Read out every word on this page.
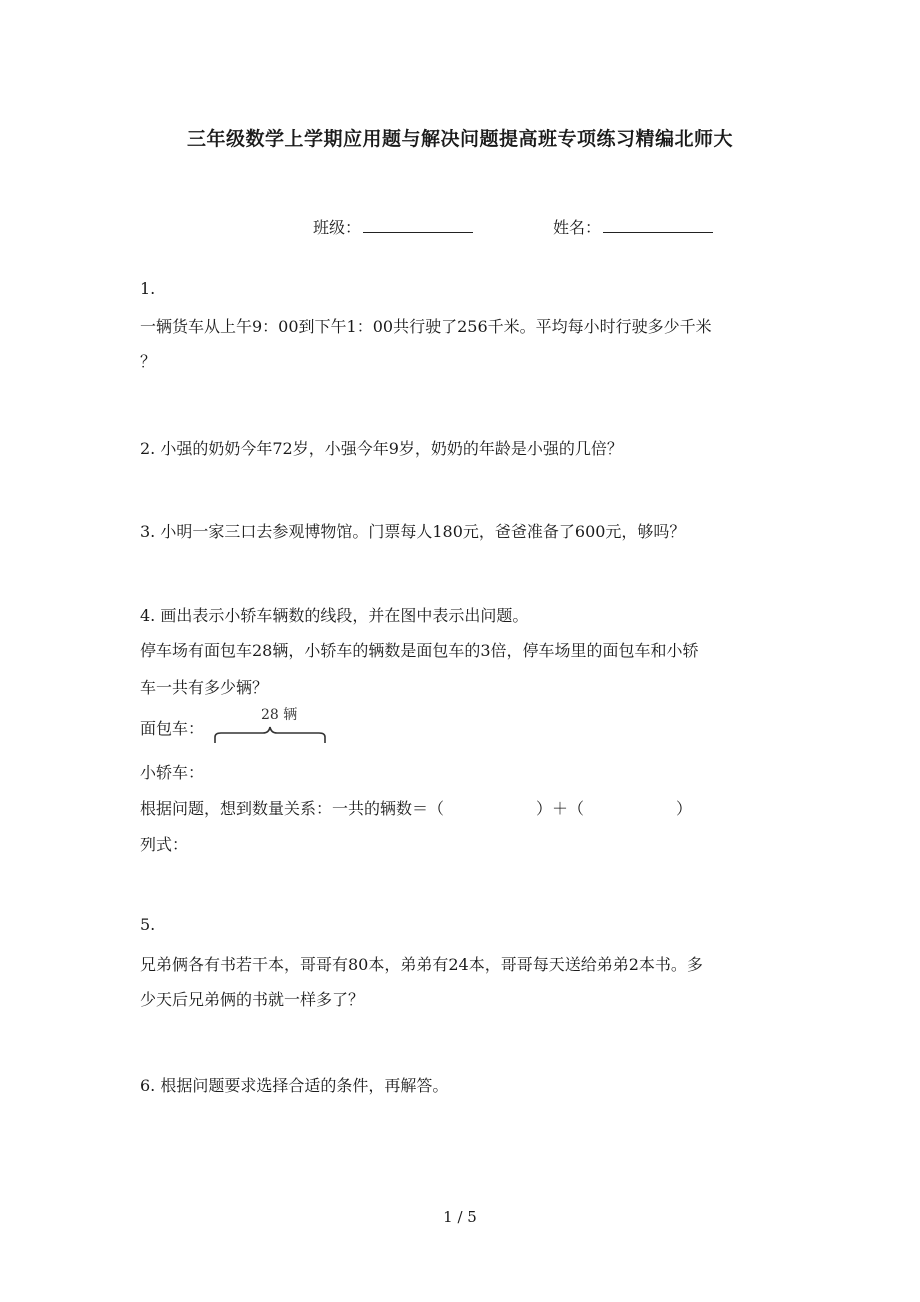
三年级数学上学期应用题与解决问题提高班专项练习精编北师大
班级：	姓名：
1.
一辆货车从上午9：00到下午1：00共行驶了256千米。平均每小时行驶多少千米
？
2. 小强的奶奶今年72岁，小强今年9岁，奶奶的年龄是小强的几倍？
3. 小明一家三口去参观博物馆。门票每人180元，爸爸准备了600元，够吗？
4. 画出表示小轿车辆数的线段，并在图中表示出问题。
停车场有面包车28辆，小轿车的辆数是面包车的3倍，停车场里的面包车和小轿
车一共有多少辆？
面包车：
28 辆
小轿车：
根据问题，想到数量关系：一共的辆数＝（	）＋（	）
列式：
5.
兄弟俩各有书若干本，哥哥有80本，弟弟有24本，哥哥每天送给弟弟2本书。多
少天后兄弟俩的书就一样多了？
6. 根据问题要求选择合适的条件，再解答。
1 / 5
